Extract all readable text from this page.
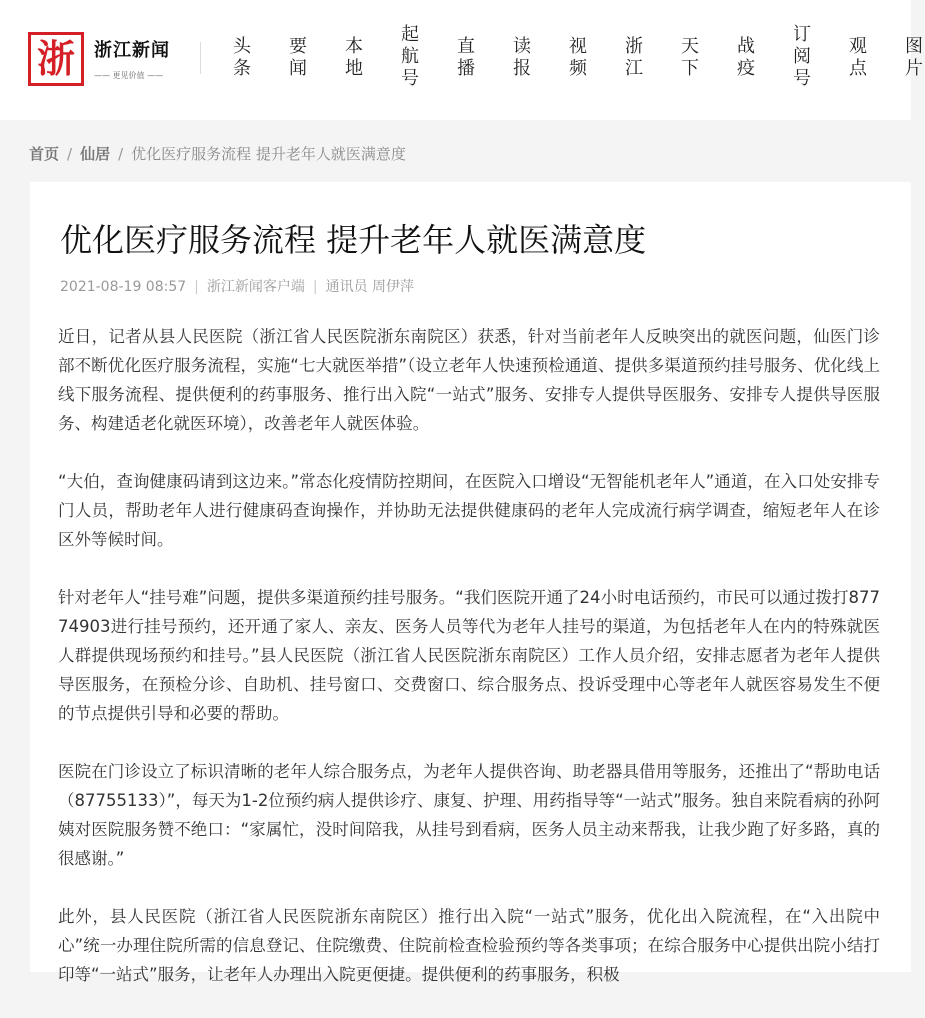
浙	浙江新闻
—— 更见价值 ——
头条
要闻
本地
起航号
直播
读报
视频
浙江
天下
战疫
订阅号
观点
图片
首页 / 仙居 / 优化医疗服务流程 提升老年人就医满意度
优化医疗服务流程 提升老年人就医满意度
2021-08-19 08:57 | 浙江新闻客户端 | 通讯员 周伊萍

近日，记者从县人民医院（浙江省人民医院浙东南院区）获悉，针对当前老年人反映突出的就医问题，仙医门诊部不断优化医疗服务流程，实施“七大就医举措”（设立老年人快速预检通道、提供多渠道预约挂号服务、优化线上线下服务流程、提供便利的药事服务、推行出入院“一站式”服务、安排专人提供导医服务、安排专人提供导医服务、构建适老化就医环境），改善老年人就医体验。

“大伯，查询健康码请到这边来。”常态化疫情防控期间，在医院入口增设“无智能机老年人”通道，在入口处安排专门人员，帮助老年人进行健康码查询操作，并协助无法提供健康码的老年人完成流行病学调查，缩短老年人在诊区外等候时间。

针对老年人“挂号难”问题，提供多渠道预约挂号服务。“我们医院开通了24小时电话预约，市民可以通过拨打87774903进行挂号预约，还开通了家人、亲友、医务人员等代为老年人挂号的渠道，为包括老年人在内的特殊就医人群提供现场预约和挂号。”县人民医院（浙江省人民医院浙东南院区）工作人员介绍，安排志愿者为老年人提供导医服务，在预检分诊、自助机、挂号窗口、交费窗口、综合服务点、投诉受理中心等老年人就医容易发生不便的节点提供引导和必要的帮助。

医院在门诊设立了标识清晰的老年人综合服务点，为老年人提供咨询、助老器具借用等服务，还推出了“帮助电话（87755133）”，每天为1-2位预约病人提供诊疗、康复、护理、用药指导等“一站式”服务。独自来院看病的孙阿姨对医院服务赞不绝口：“家属忙，没时间陪我，从挂号到看病，医务人员主动来帮我，让我少跑了好多路，真的很感谢。”

此外，县人民医院（浙江省人民医院浙东南院区）推行出入院“一站式”服务，优化出入院流程，在“入出院中心”统一办理住院所需的信息登记、住院缴费、住院前检查检验预约等各类事项；在综合服务中心提供出院小结打印等“一站式”服务，让老年人办理出入院更便捷。提供便利的药事服务，积极
